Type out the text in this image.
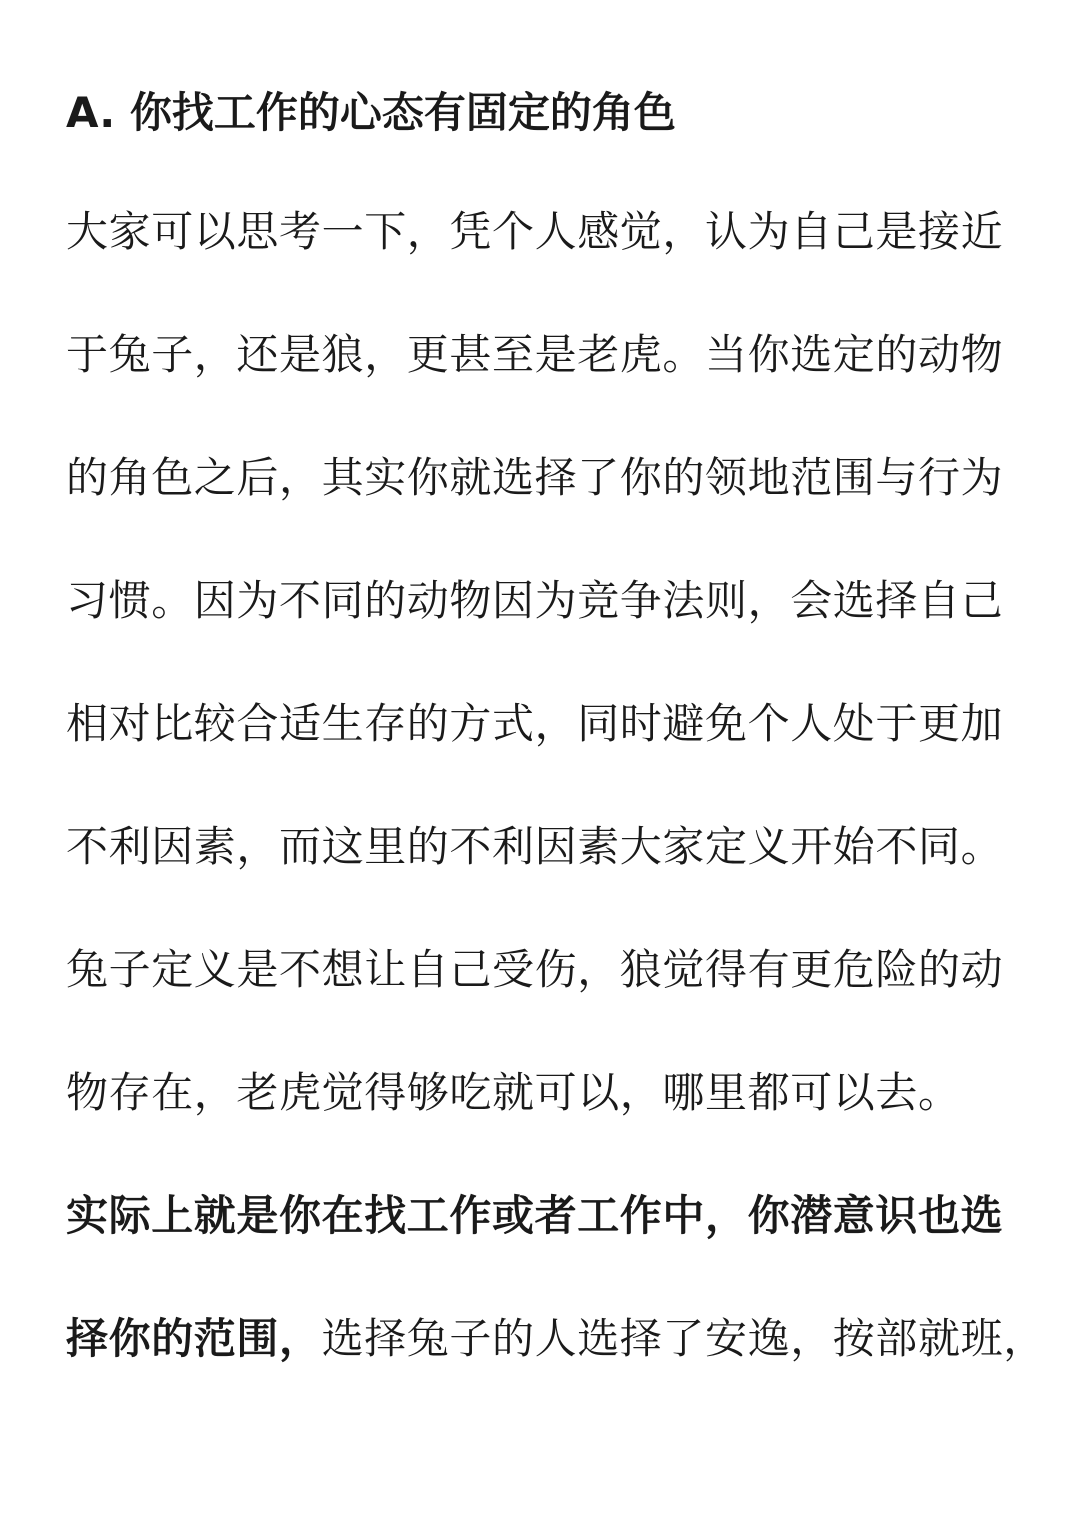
A. 你找工作的心态有固定的角色
大家可以思考一下，凭个人感觉，认为自己是接近
于兔子，还是狼，更甚至是老虎。当你选定的动物
的角色之后，其实你就选择了你的领地范围与行为
习惯。因为不同的动物因为竞争法则，会选择自己
相对比较合适生存的方式，同时避免个人处于更加
不利因素，而这里的不利因素大家定义开始不同。
兔子定义是不想让自己受伤，狼觉得有更危险的动
物存在，老虎觉得够吃就可以，哪里都可以去。
实际上就是你在找工作或者工作中，你潜意识也选
择你的范围，选择兔子的人选择了安逸，按部就班，
